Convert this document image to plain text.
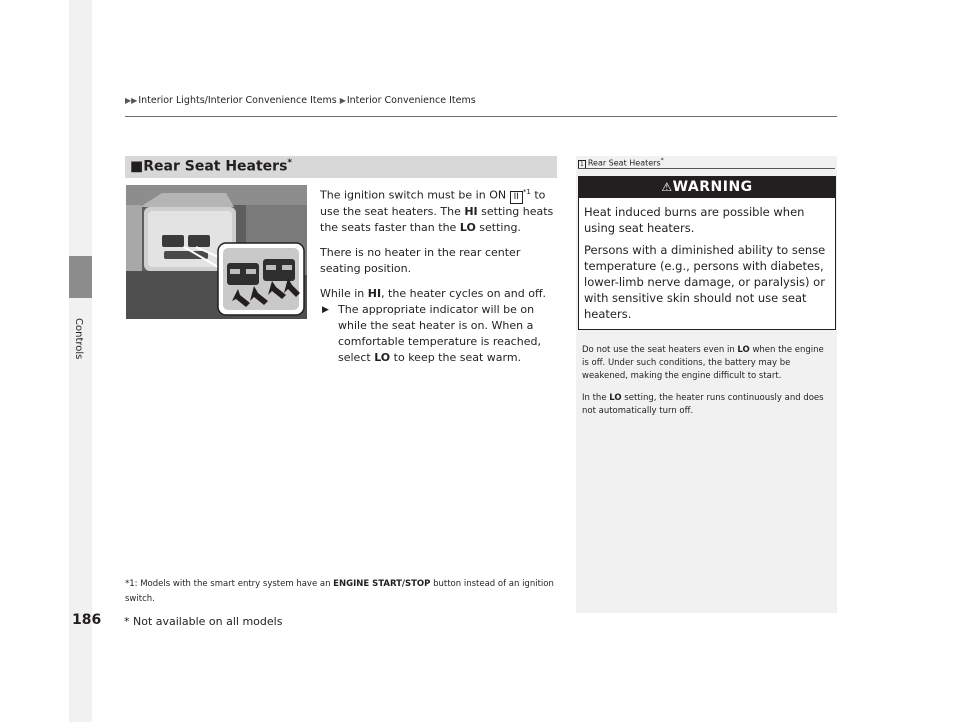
Controls
186
▶▶Interior Lights/Interior Convenience Items ▶Interior Convenience Items
■Rear Seat Heaters*

The ignition switch must be in ON II $^{*1}$ to use the seat heaters. The HI setting heats the seats faster than the LO setting.

There is no heater in the rear center seating position.

While in HI, the heater cycles on and off.

▶ The appropriate indicator will be on while the seat heater is on. When a comfortable temperature is reached, select LO to keep the seat warm.

*1: Models with the smart entry system have an ENGINE START/STOP button instead of an ignition switch.
* Not available on all models
1 Rear Seat Heaters*
⚠WARNING

Heat induced burns are possible when using seat heaters.

Persons with a diminished ability to sense temperature (e.g., persons with diabetes, lower-limb nerve damage, or paralysis) or with sensitive skin should not use seat heaters.

Do not use the seat heaters even in LO when the engine is off. Under such conditions, the battery may be weakened, making the engine difficult to start.

In the LO setting, the heater runs continuously and does not automatically turn off.
